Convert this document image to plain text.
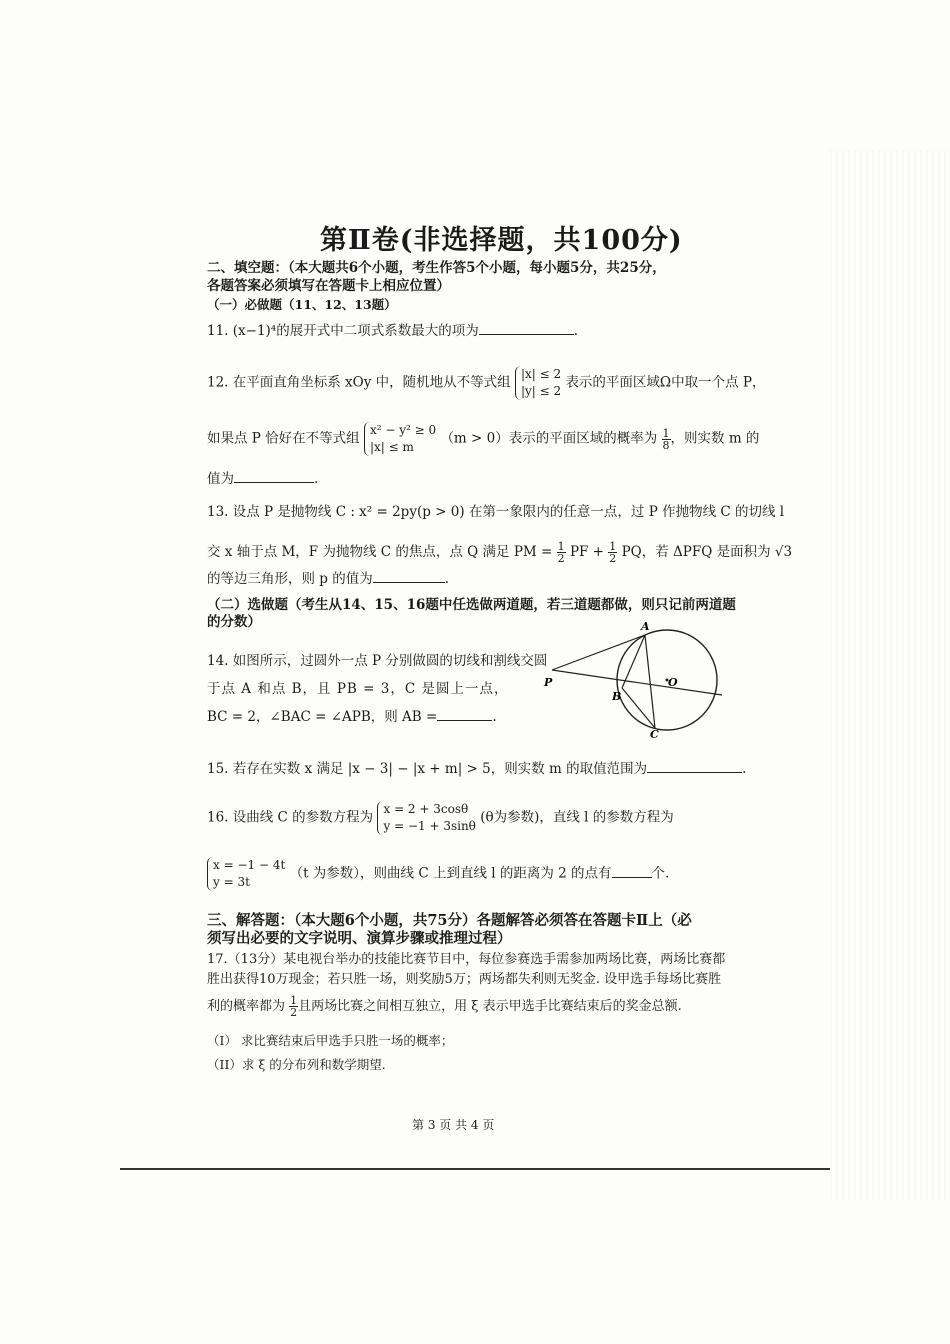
第Ⅱ卷(非选择题，共100分)
二、填空题：（本大题共6个小题，考生作答5个小题，每小题5分，共25分，
各题答案必须填写在答题卡上相应位置）
（一）必做题（11、12、13题）
11. (x−1)⁴的展开式中二项式系数最大的项为	.
12. 在平面直角坐标系 xOy 中，随机地从不等式组
|x| ≤ 2
|y| ≤ 2
表示的平面区域Ω中取一个点 P，
如果点 P 恰好在不等式组
x² − y² ≥ 0
|x| ≤ m
（m > 0）表示的平面区域的概率为 $\frac{1}{8}$ ，则实数 m 的
值为	.
13. 设点 P 是抛物线 C : x² = 2py(p > 0) 在第一象限内的任意一点，过 P 作抛物线 C 的切线 l
交 x 轴于点 M，F 为抛物线 C 的焦点，点 Q 满足 PM = $\frac{1}{2}$ PF + $\frac{1}{2}$ PQ，若 ΔPFQ 是面积为 √3
的等边三角形，则 p 的值为	.
（二）选做题（考生从14、15、16题中任选做两道题，若三道题都做，则只记前两道题
的分数）
14. 如图所示，过圆外一点 P 分别做圆的切线和割线交圆
于点 A 和点 B，且 PB = 3，C 是圆上一点，
BC = 2，∠BAC = ∠APB，则 AB =	.
A
P
B
O
C
15. 若存在实数 x 满足 |x − 3| − |x + m| > 5，则实数 m 的取值范围为	.
16. 设曲线 C 的参数方程为
x = 2 + 3cosθ
y = −1 + 3sinθ
(θ为参数)，直线 l 的参数方程为
x = −1 − 4t
y = 3t
（t 为参数），则曲线 C 上到直线 l 的距离为 2 的点有	个.
三、解答题：（本大题6个小题，共75分）各题解答必须答在答题卡Ⅱ上（必
须写出必要的文字说明、演算步骤或推理过程）
17.（13分）某电视台举办的技能比赛节目中，每位参赛选手需参加两场比赛，两场比赛都
胜出获得10万现金；若只胜一场，则奖励5万；两场都失利则无奖金. 设甲选手每场比赛胜
利的概率都为 $\frac{1}{2}$ 且两场比赛之间相互独立，用 ξ 表示甲选手比赛结束后的奖金总额.
（I） 求比赛结束后甲选手只胜一场的概率；
（II）求 ξ 的分布列和数学期望.
第 3 页 共 4 页
